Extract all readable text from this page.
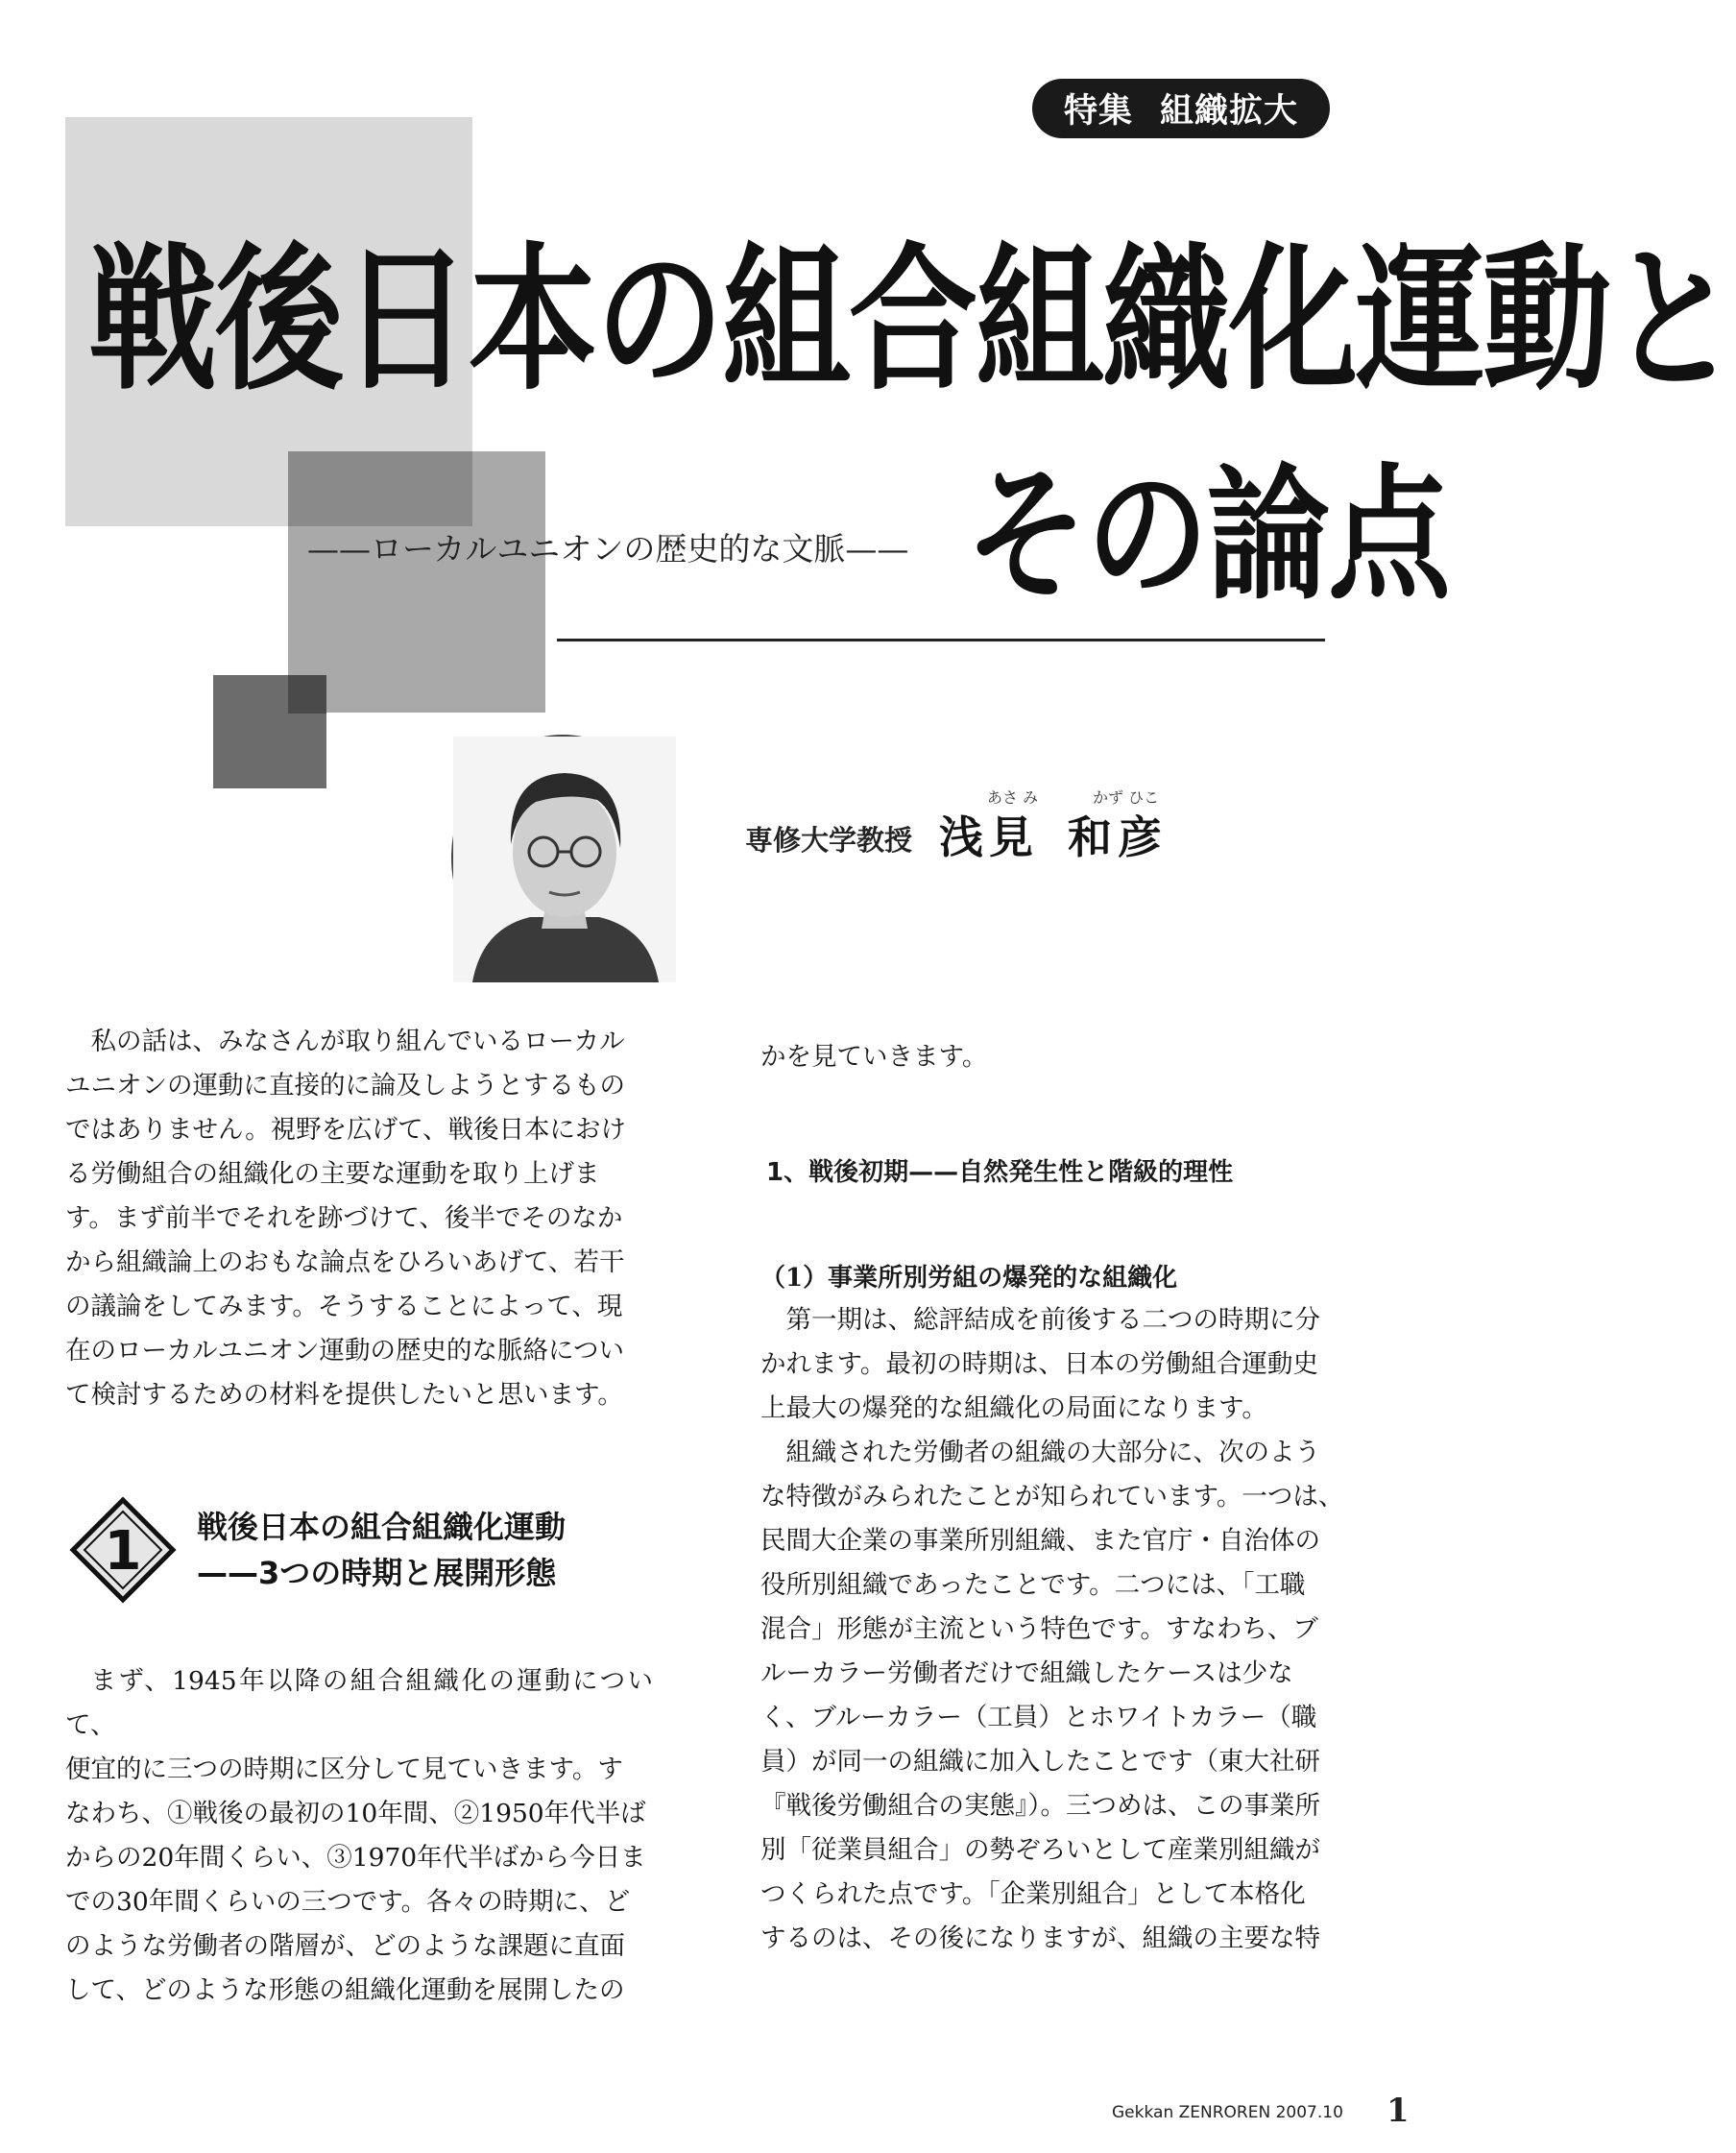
特集 組織拡大
戦後日本の組合組織化運動と
その論点
——ローカルユニオンの歴史的な文脈——
あさ み	かず ひこ
専修大学教授 浅見 和彦

私の話は、みなさんが取り組んでいるローカル

ユニオンの運動に直接的に論及しようとするもの

ではありません。視野を広げて、戦後日本におけ

る労働組合の組織化の主要な運動を取り上げま

す。まず前半でそれを跡づけて、後半でそのなか

から組織論上のおもな論点をひろいあげて、若干

の議論をしてみます。そうすることによって、現

在のローカルユニオン運動の歴史的な脈絡につい

て検討するための材料を提供したいと思います。

1 戦後日本の組合組織化運動
——3つの時期と展開形態

まず、1945年以降の組合組織化の運動について、

便宜的に三つの時期に区分して見ていきます。す

なわち、①戦後の最初の10年間、②1950年代半ば

からの20年間くらい、③1970年代半ばから今日ま

での30年間くらいの三つです。各々の時期に、ど

のような労働者の階層が、どのような課題に直面

して、どのような形態の組織化運動を展開したの

かを見ていきます。

1、戦後初期——自然発生性と階級的理性
（1）事業所別労組の爆発的な組織化

第一期は、総評結成を前後する二つの時期に分

かれます。最初の時期は、日本の労働組合運動史

上最大の爆発的な組織化の局面になります。

組織された労働者の組織の大部分に、次のよう

な特徴がみられたことが知られています。一つは、

民間大企業の事業所別組織、また官庁・自治体の

役所別組織であったことです。二つには、「工職

混合」形態が主流という特色です。すなわち、ブ

ルーカラー労働者だけで組織したケースは少な

く、ブルーカラー（工員）とホワイトカラー（職

員）が同一の組織に加入したことです（東大社研

『戦後労働組合の実態』）。三つめは、この事業所

別「従業員組合」の勢ぞろいとして産業別組織が

つくられた点です。「企業別組合」として本格化

するのは、その後になりますが、組織の主要な特

Gekkan ZENROREN 2007.10 1
